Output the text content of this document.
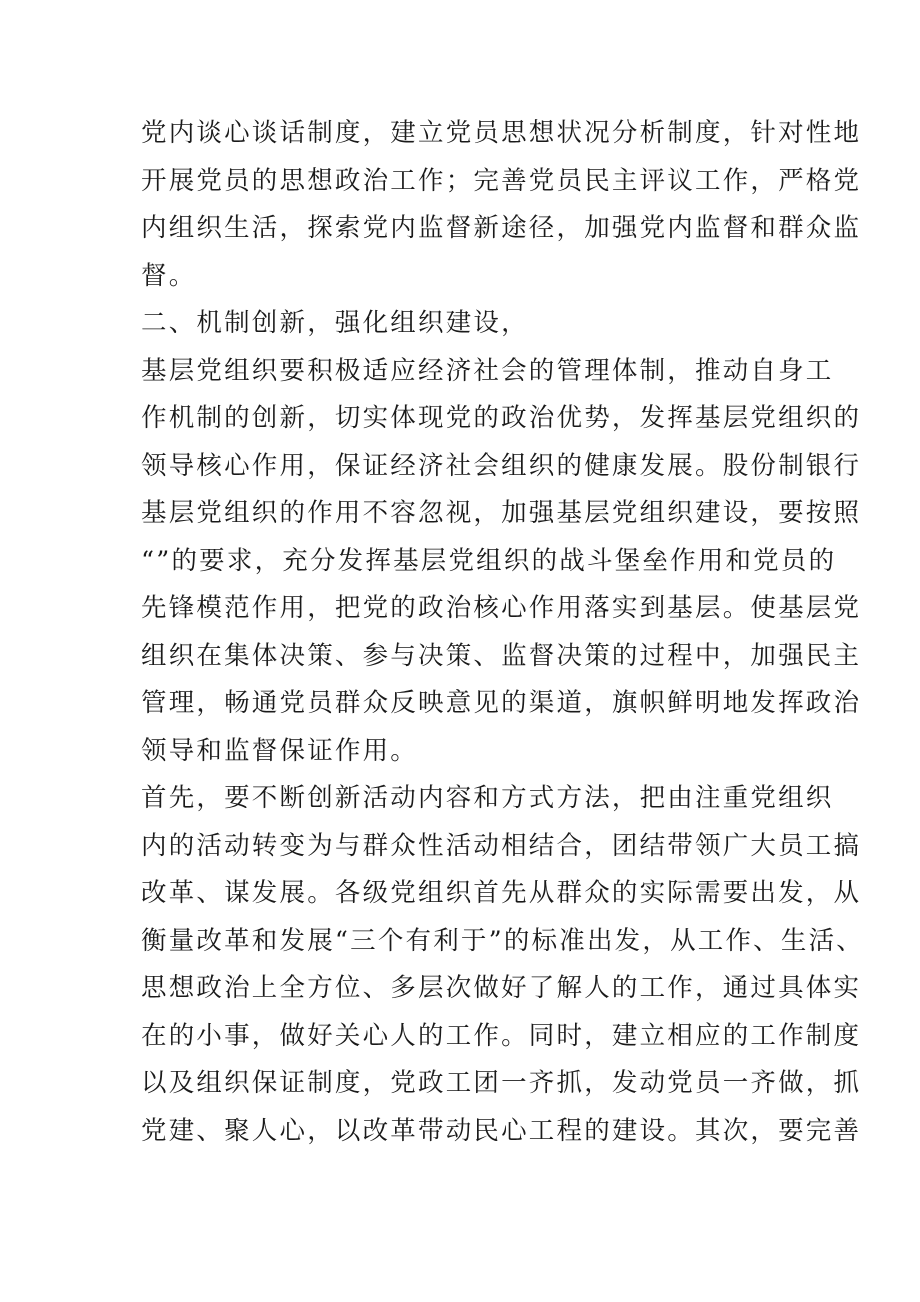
党内谈心谈话制度，建立党员思想状况分析制度，针对性地
开展党员的思想政治工作；完善党员民主评议工作，严格党
内组织生活，探索党内监督新途径，加强党内监督和群众监
督。
二、机制创新，强化组织建设，
基层党组织要积极适应经济社会的管理体制，推动自身工
作机制的创新，切实体现党的政治优势，发挥基层党组织的
领导核心作用，保证经济社会组织的健康发展。股份制银行
基层党组织的作用不容忽视，加强基层党组织建设，要按照
“”的要求，充分发挥基层党组织的战斗堡垒作用和党员的
先锋模范作用，把党的政治核心作用落实到基层。使基层党
组织在集体决策、参与决策、监督决策的过程中，加强民主
管理，畅通党员群众反映意见的渠道，旗帜鲜明地发挥政治
领导和监督保证作用。
首先，要不断创新活动内容和方式方法，把由注重党组织
内的活动转变为与群众性活动相结合，团结带领广大员工搞
改革、谋发展。各级党组织首先从群众的实际需要出发，从
衡量改革和发展“三个有利于”的标准出发，从工作、生活、
思想政治上全方位、多层次做好了解人的工作，通过具体实
在的小事，做好关心人的工作。同时，建立相应的工作制度
以及组织保证制度，党政工团一齐抓，发动党员一齐做，抓
党建、聚人心，以改革带动民心工程的建设。其次，要完善
